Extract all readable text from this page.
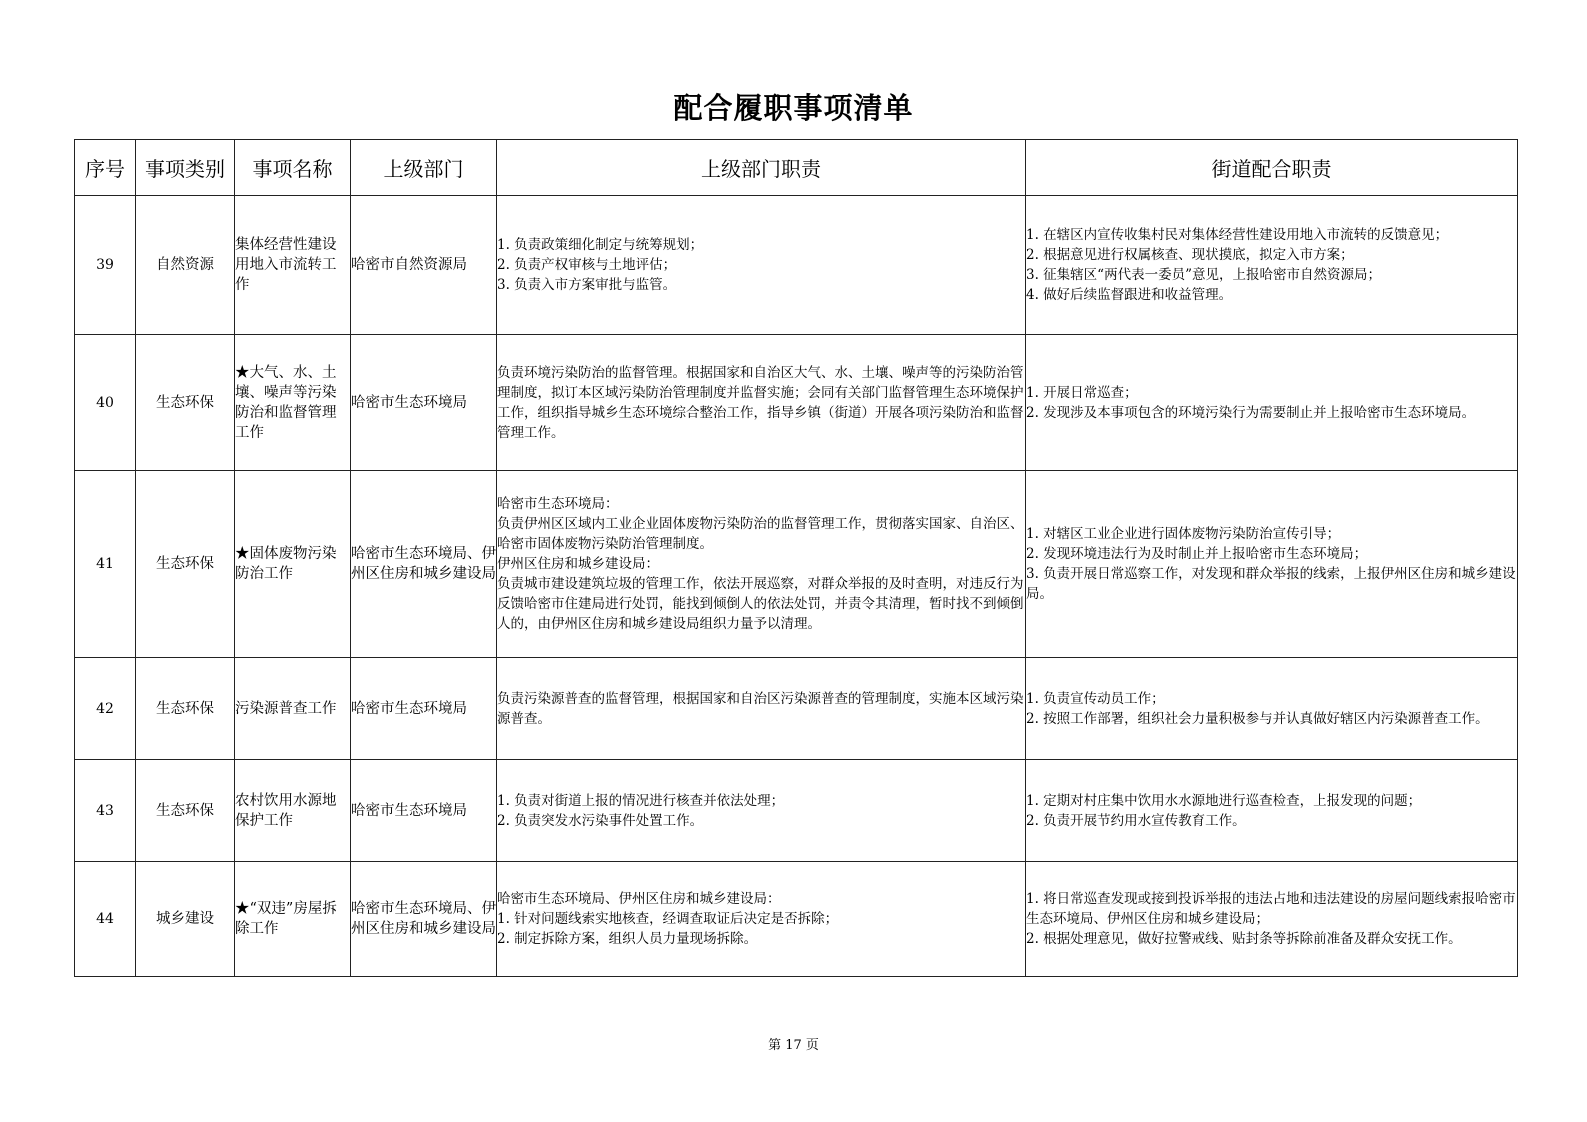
配合履职事项清单
序号	事项类别	事项名称	上级部门	上级部门职责	街道配合职责
39	自然资源	集体经营性建设用地入市流转工作	哈密市自然资源局	1. 负责政策细化制定与统筹规划；
2. 负责产权审核与土地评估；
3. 负责入市方案审批与监管。	1. 在辖区内宣传收集村民对集体经营性建设用地入市流转的反馈意见；
2. 根据意见进行权属核查、现状摸底，拟定入市方案；
3. 征集辖区“两代表一委员”意见，上报哈密市自然资源局；
4. 做好后续监督跟进和收益管理。

40	生态环保	★大气、水、土壤、噪声等污染防治和监督管理工作	哈密市生态环境局	负责环境污染防治的监督管理。根据国家和自治区大气、水、土壤、噪声等的污染防治管理制度，拟订本区域污染防治管理制度并监督实施；会同有关部门监督管理生态环境保护工作，组织指导城乡生态环境综合整治工作，指导乡镇（街道）开展各项污染防治和监督管理工作。	1. 开展日常巡查；
2. 发现涉及本事项包含的环境污染行为需要制止并上报哈密市生态环境局。

41	生态环保	★固体废物污染防治工作	哈密市生态环境局、伊州区住房和城乡建设局	哈密市生态环境局：
负责伊州区区域内工业企业固体废物污染防治的监督管理工作，贯彻落实国家、自治区、哈密市固体废物污染防治管理制度。
伊州区住房和城乡建设局：
负责城市建设建筑垃圾的管理工作，依法开展巡察，对群众举报的及时查明，对违反行为反馈哈密市住建局进行处罚，能找到倾倒人的依法处罚，并责令其清理，暂时找不到倾倒人的，由伊州区住房和城乡建设局组织力量予以清理。	1. 对辖区工业企业进行固体废物污染防治宣传引导；
2. 发现环境违法行为及时制止并上报哈密市生态环境局；
3. 负责开展日常巡察工作，对发现和群众举报的线索，上报伊州区住房和城乡建设局。

42	生态环保	污染源普查工作	哈密市生态环境局	负责污染源普查的监督管理，根据国家和自治区污染源普查的管理制度，实施本区域污染源普查。	1. 负责宣传动员工作；
2. 按照工作部署，组织社会力量积极参与并认真做好辖区内污染源普查工作。

43	生态环保	农村饮用水源地保护工作	哈密市生态环境局	1. 负责对街道上报的情况进行核查并依法处理；
2. 负责突发水污染事件处置工作。	1. 定期对村庄集中饮用水水源地进行巡查检查，上报发现的问题；
2. 负责开展节约用水宣传教育工作。

44	城乡建设	★“双违”房屋拆除工作	哈密市生态环境局、伊州区住房和城乡建设局	哈密市生态环境局、伊州区住房和城乡建设局：
1. 针对问题线索实地核查，经调查取证后决定是否拆除；
2. 制定拆除方案，组织人员力量现场拆除。	1. 将日常巡查发现或接到投诉举报的违法占地和违法建设的房屋问题线索报哈密市生态环境局、伊州区住房和城乡建设局；
2. 根据处理意见，做好拉警戒线、贴封条等拆除前准备及群众安抚工作。
第 17 页
